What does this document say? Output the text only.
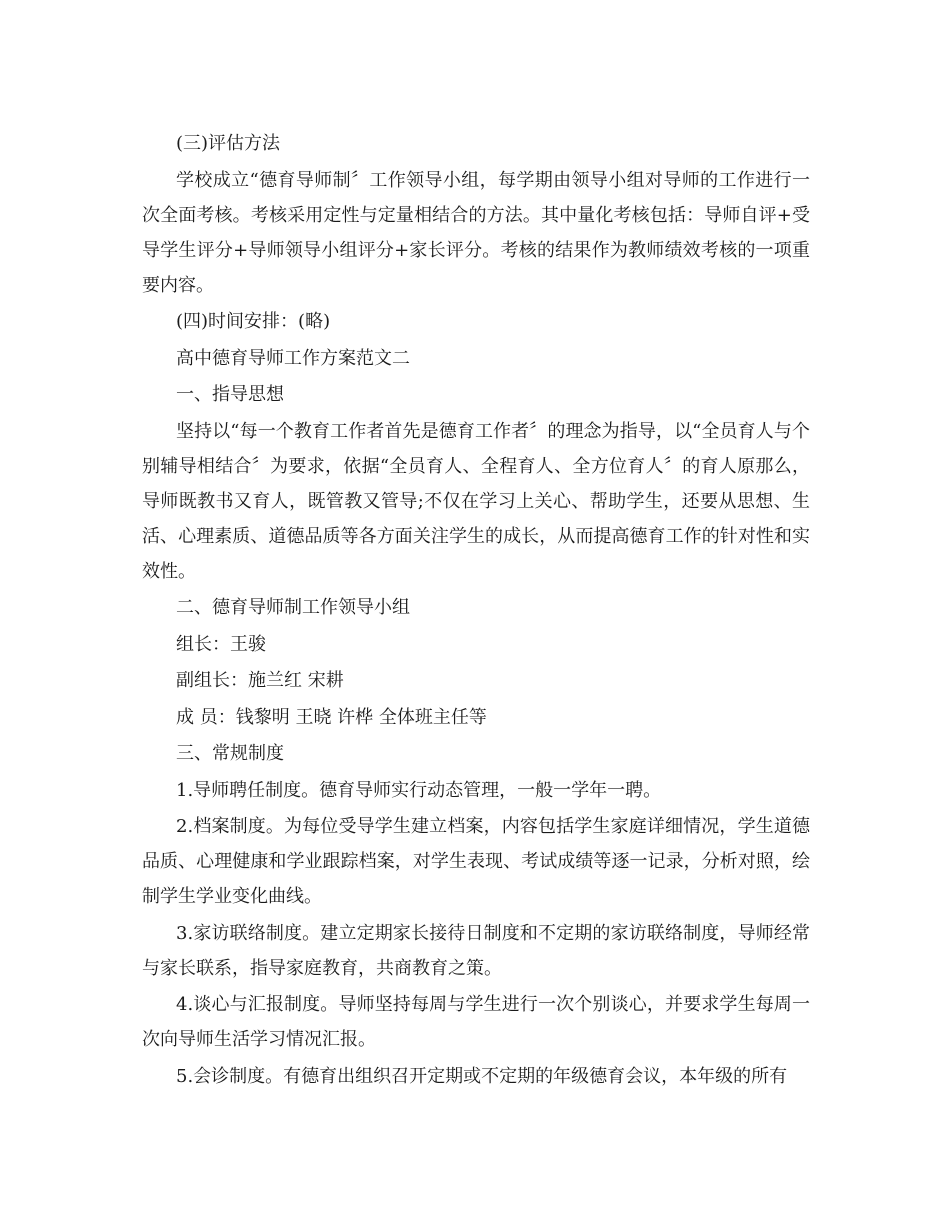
(三)评估方法

学校成立“德育导师制〞工作领导小组，每学期由领导小组对导师的工作进行一次全面考核。考核采用定性与定量相结合的方法。其中量化考核包括：导师自评+受导学生评分+导师领导小组评分+家长评分。考核的结果作为教师绩效考核的一项重要内容。

(四)时间安排：(略)

高中德育导师工作方案范文二

一、指导思想

坚持以“每一个教育工作者首先是德育工作者〞的理念为指导，以“全员育人与个别辅导相结合〞为要求，依据“全员育人、全程育人、全方位育人〞的育人原那么，导师既教书又育人，既管教又管导;不仅在学习上关心、帮助学生，还要从思想、生活、心理素质、道德品质等各方面关注学生的成长，从而提高德育工作的针对性和实效性。

二、德育导师制工作领导小组

组长：王骏

副组长：施兰红 宋耕

成 员：钱黎明 王晓 许桦 全体班主任等

三、常规制度

1.导师聘任制度。德育导师实行动态管理，一般一学年一聘。

2.档案制度。为每位受导学生建立档案，内容包括学生家庭详细情况，学生道德品质、心理健康和学业跟踪档案，对学生表现、考试成绩等逐一记录，分析对照，绘制学生学业变化曲线。

3.家访联络制度。建立定期家长接待日制度和不定期的家访联络制度，导师经常与家长联系，指导家庭教育，共商教育之策。

4.谈心与汇报制度。导师坚持每周与学生进行一次个别谈心，并要求学生每周一次向导师生活学习情况汇报。

5.会诊制度。有德育出组织召开定期或不定期的年级德育会议，本年级的所有
